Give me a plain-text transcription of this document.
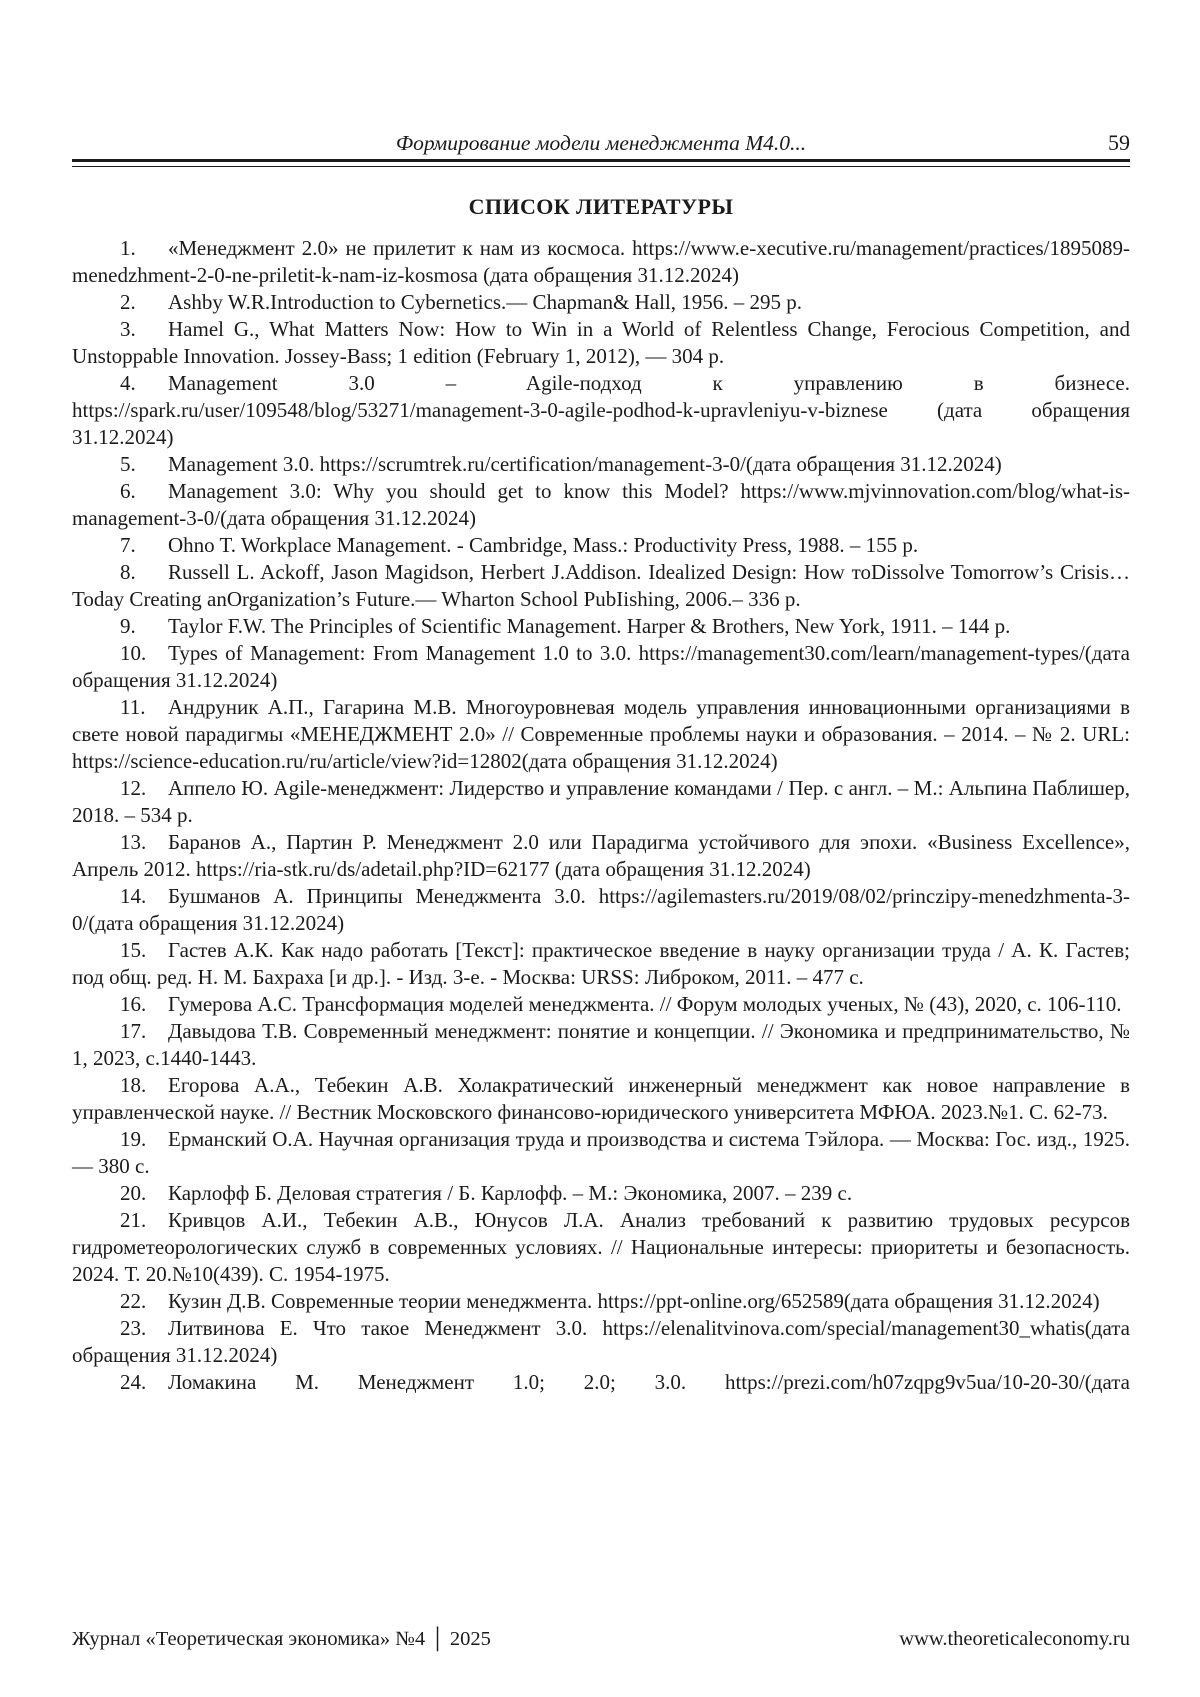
Формирование модели менеджмента М4.0...	59
СПИСОК ЛИТЕРАТУРЫ

1. «Менеджмент 2.0» не прилетит к нам из космоса. https://www.e-xecutive.ru/management/practices/1895089-menedzhment-2-0-ne-priletit-k-nam-iz-kosmosa (дата обращения 31.12.2024)

2. Ashby W.R.Introduction to Cybernetics.— Chapman& Hall, 1956. – 295 p.

3. Hamel G., What Matters Now: How to Win in a World of Relentless Change, Ferocious Competition, and Unstoppable Innovation. Jossey-Bass; 1 edition (February 1, 2012), — 304 p.

4. Management 3.0 – Agile-подход к управлению в бизнесе. https://spark.ru/user/109548/blog/53271/management-3-0-agile-podhod-k-upravleniyu-v-biznese (дата обращения 31.12.2024)

5. Management 3.0. https://scrumtrek.ru/certification/management-3-0/(дата обращения 31.12.2024)

6. Management 3.0: Why you should get to know this Model? https://www.mjvinnovation.com/blog/what-is-management-3-0/(дата обращения 31.12.2024)

7. Ohno T. Workplace Management. - Cambridge, Mass.: Productivity Press, 1988. – 155 p.

8. Russell L. Ackoff, Jason Magidson, Herbert J.Addison. Idealized Design: How тоDissolve Tomorrow’s Crisis… Today Creating anOrganization’s Future.— Wharton School PubIishing, 2006.– 336 p.

9. Taylor F.W. The Principles of Scientific Management. Harper & Brothers, New York, 1911. – 144 p.

10. Types of Management: From Management 1.0 to 3.0. https://management30.com/learn/management-types/(дата обращения 31.12.2024)

11. Андруник А.П., Гагарина М.В. Многоуровневая модель управления инновационными организациями в свете новой парадигмы «МЕНЕДЖМЕНТ 2.0» // Современные проблемы науки и образования. – 2014. – № 2. URL: https://science-education.ru/ru/article/view?id=12802(дата обращения 31.12.2024)

12. Аппело Ю. Agile-менеджмент: Лидерство и управление командами / Пер. с англ. – М.: Альпина Паблишер, 2018. – 534 p.

13. Баранов А., Партин Р. Менеджмент 2.0 или Парадигма устойчивого для эпохи. «Business Excellence», Апрель 2012. https://ria-stk.ru/ds/adetail.php?ID=62177 (дата обращения 31.12.2024)

14. Бушманов А. Принципы Менеджмента 3.0. https://agilemasters.ru/2019/08/02/princzipy-menedzhmenta-3-0/(дата обращения 31.12.2024)

15. Гастев А.К. Как надо работать [Текст]: практическое введение в науку организации труда / А. К. Гастев; под общ. ред. Н. М. Бахраха [и др.]. - Изд. 3-е. - Москва: URSS: Либроком, 2011. – 477 с.

16. Гумерова А.С. Трансформация моделей менеджмента. // Форум молодых ученых, № (43), 2020, с. 106-110.

17. Давыдова Т.В. Современный менеджмент: понятие и концепции. // Экономика и предпринимательство, № 1, 2023, с.1440-1443.

18. Егорова А.А., Тебекин А.В. Холакратический инженерный менеджмент как новое направление в управленческой науке. // Вестник Московского финансово-юридического университета МФЮА. 2023.№1. С. 62-73.

19. Ерманский О.А. Научная организация труда и производства и система Тэйлора. — Москва: Гос. изд., 1925.— 380 с.

20. Карлофф Б. Деловая стратегия / Б. Карлофф. – М.: Экономика, 2007. – 239 с.

21. Кривцов А.И., Тебекин А.В., Юнусов Л.А. Анализ требований к развитию трудовых ресурсов гидрометеорологических служб в современных условиях. // Национальные интересы: приоритеты и безопасность. 2024. Т. 20.№10(439). С. 1954-1975.

22. Кузин Д.В. Современные теории менеджмента. https://ppt-online.org/652589(дата обращения 31.12.2024)

23. Литвинова Е. Что такое Менеджмент 3.0. https://elenalitvinova.com/special/management30_whatis(дата обращения 31.12.2024)

24. Ломакина М. Менеджмент 1.0; 2.0; 3.0. https://prezi.com/h07zqpg9v5ua/10-20-30/(дата

Журнал «Теоретическая экономика» №4 │ 2025	www.theoreticaleconomy.ru
